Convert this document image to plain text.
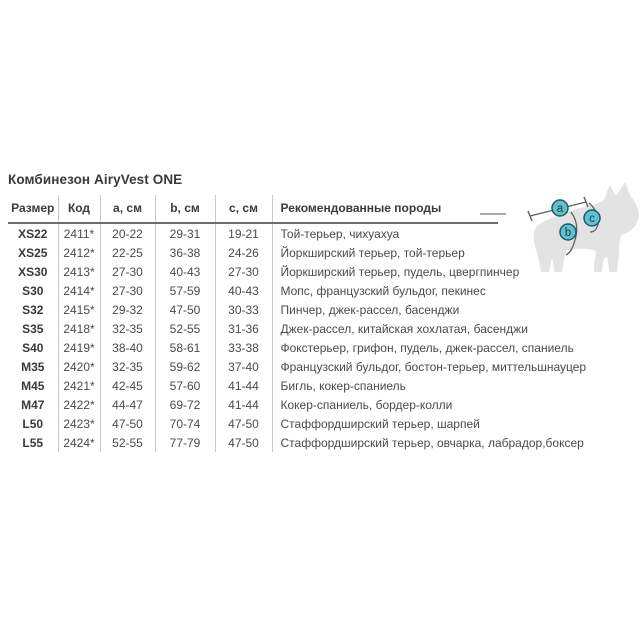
Комбинезон AiryVest ONE
Размер	Код	a, см	b, см	c, см	Рекомендованные породы
XS22	2411*	20-22	29-31	19-21	Той-терьер, чихуахуа
XS25	2412*	22-25	36-38	24-26	Йоркширский терьер, той-терьер
XS30	2413*	27-30	40-43	27-30	Йоркширский терьер, пудель, цвергпинчер
S30	2414*	27-30	57-59	40-43	Мопс, французский бульдог, пекинес
S32	2415*	29-32	47-50	30-33	Пинчер, джек-рассел, басенджи
S35	2418*	32-35	52-55	31-36	Джек-рассел, китайская хохлатая, басенджи
S40	2419*	38-40	58-61	33-38	Фокстерьер, грифон, пудель, джек-рассел, спаниель
M35	2420*	32-35	59-62	37-40	Французский бульдог, бостон-терьер, миттельшнауцер
M45	2421*	42-45	57-60	41-44	Бигль, кокер-спаниель
M47	2422*	44-47	69-72	41-44	Кокер-спаниель, бордер-колли
L50	2423*	47-50	70-74	47-50	Стаффордширский терьер, шарпей
L55	2424*	52-55	77-79	47-50	Стаффордширский терьер, овчарка, лабрадор,боксер
a
b
c
